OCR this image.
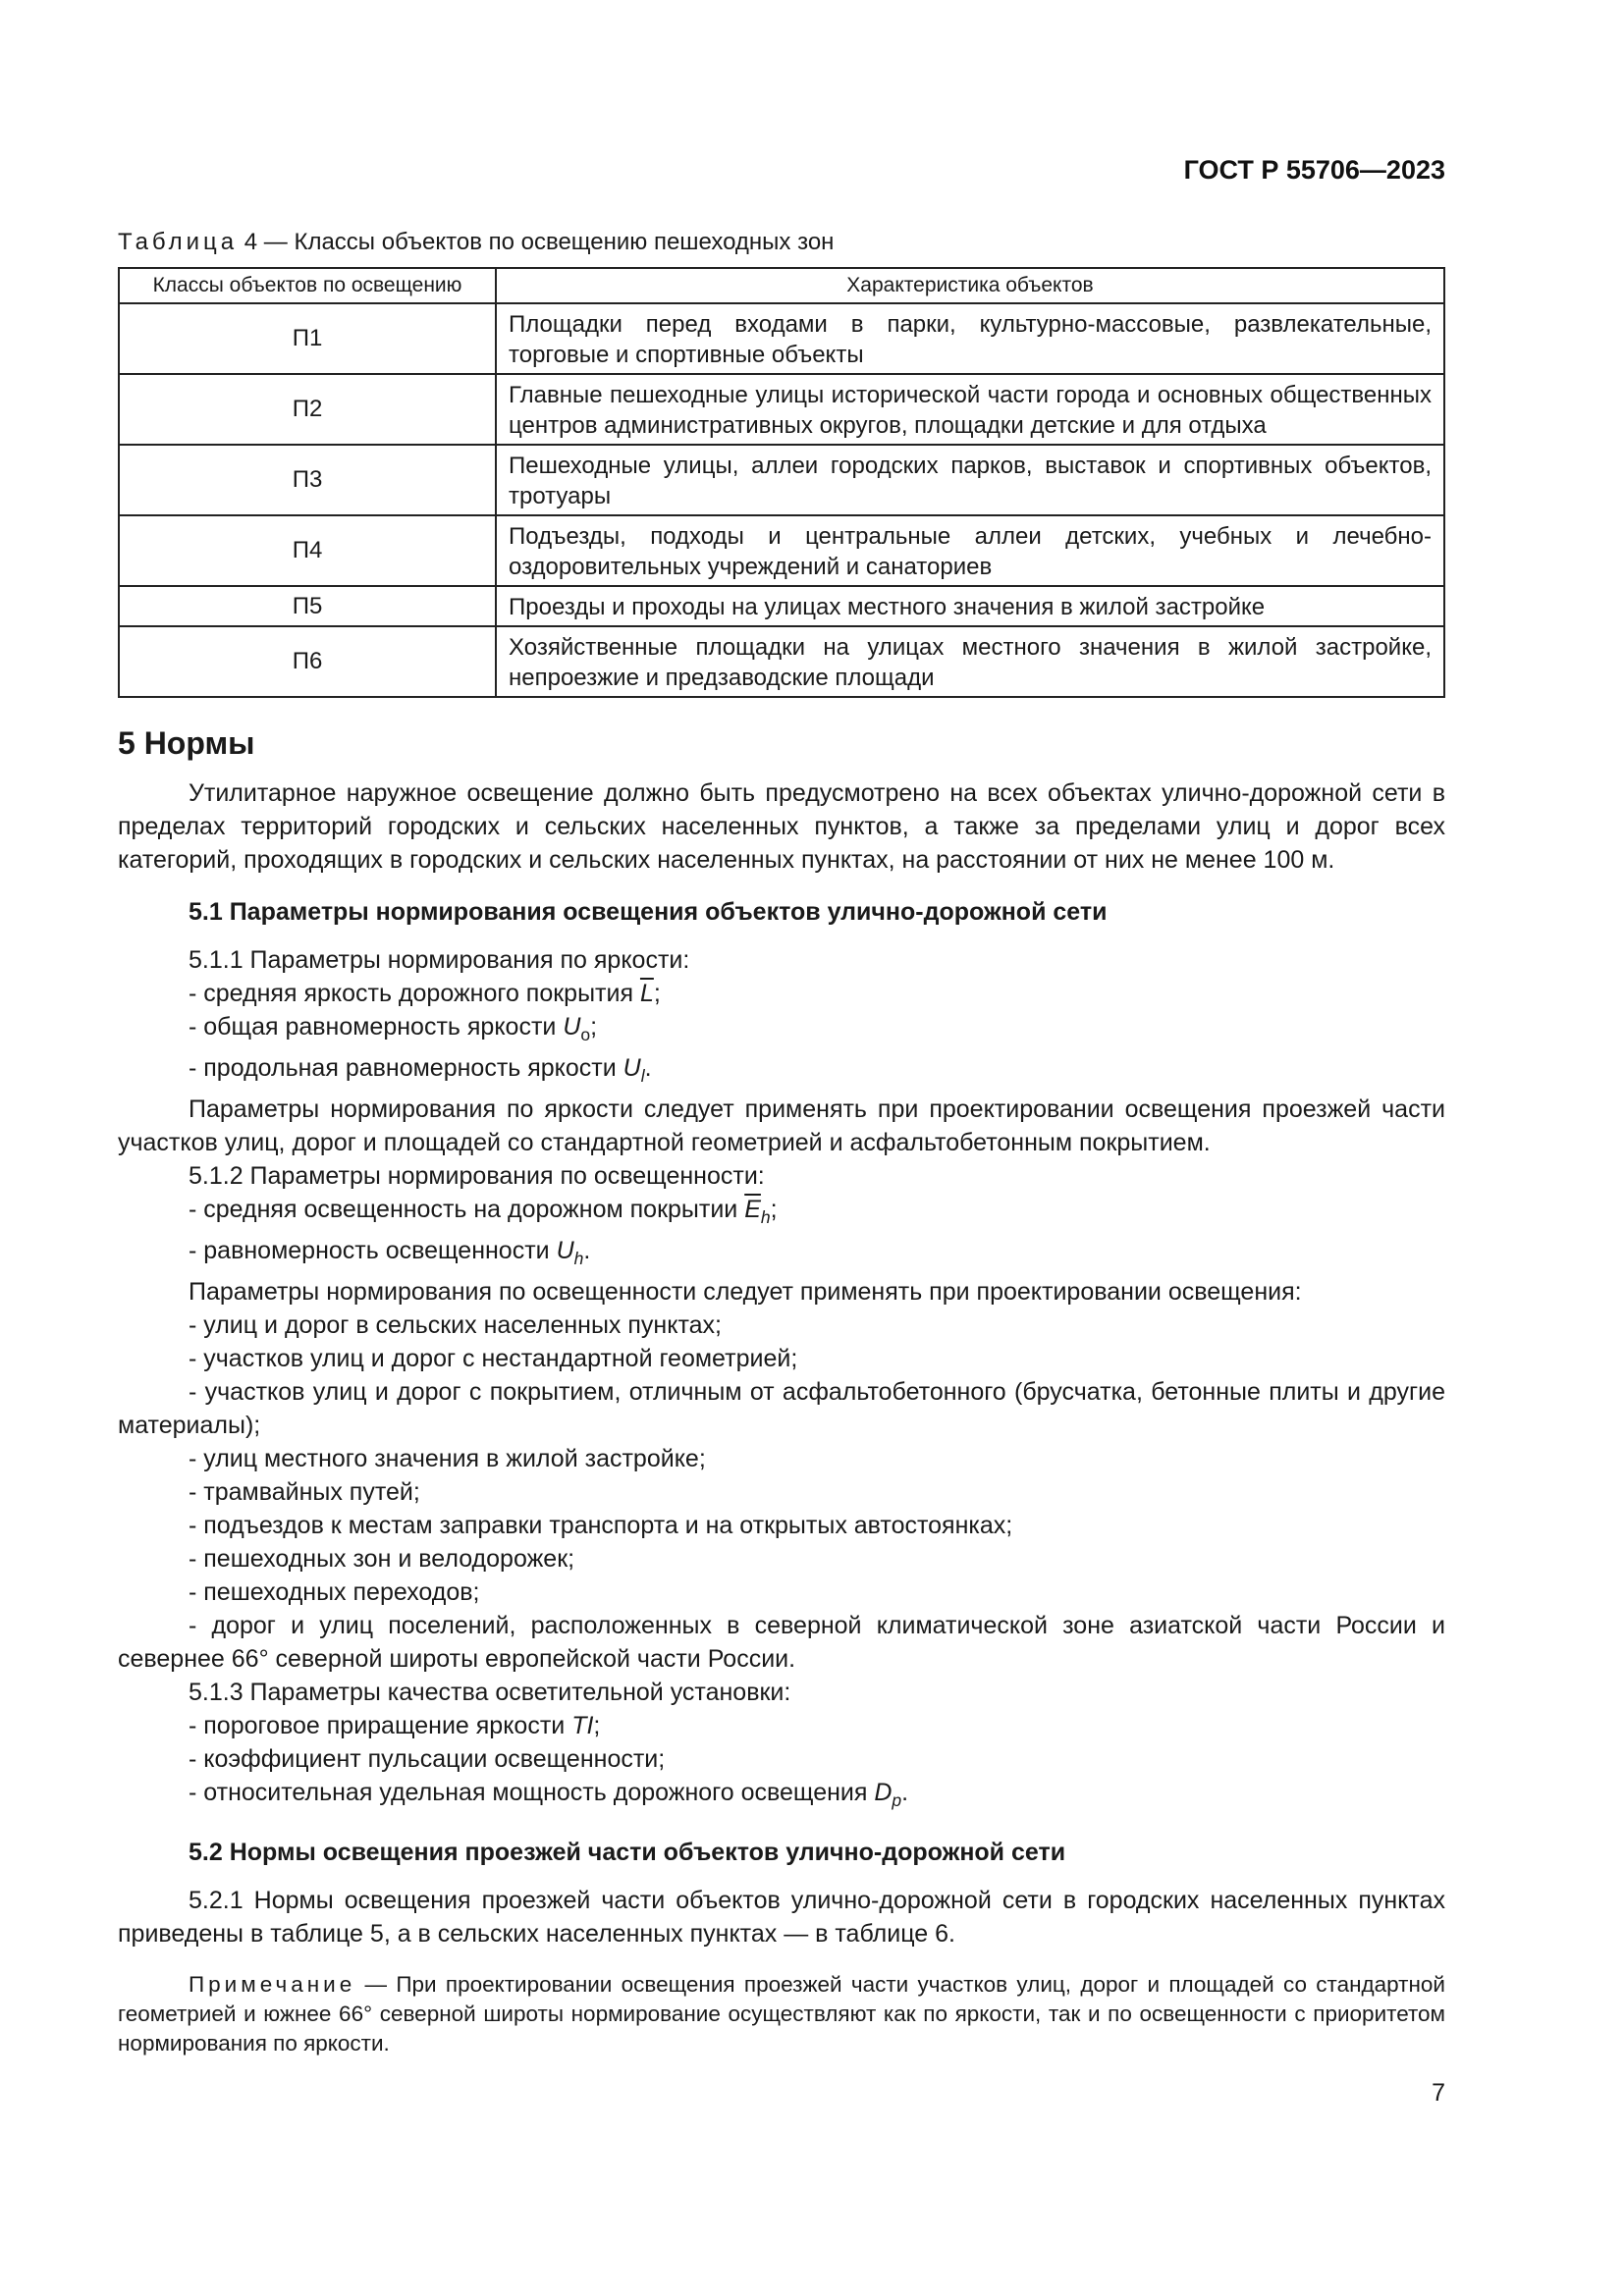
ГОСТ Р 55706—2023
Таблица 4 — Классы объектов по освещению пешеходных зон
Классы объектов по освещению	Характеристика объектов
П1	Площадки перед входами в парки, культурно-массовые, развлекательные, торговые и спортивные объекты
П2	Главные пешеходные улицы исторической части города и основных общественных центров административных округов, площадки детские и для отдыха
П3	Пешеходные улицы, аллеи городских парков, выставок и спортивных объектов, тротуары
П4	Подъезды, подходы и центральные аллеи детских, учебных и лечебно-оздоровительных учреждений и санаториев
П5	Проезды и проходы на улицах местного значения в жилой застройке
П6	Хозяйственные площадки на улицах местного значения в жилой застройке, непроезжие и предзаводские площади
5 Нормы

Утилитарное наружное освещение должно быть предусмотрено на всех объектах улично-дорожной сети в пределах территорий городских и сельских населенных пунктов, а также за пределами улиц и дорог всех категорий, проходящих в городских и сельских населенных пунктах, на расстоянии от них не менее 100 м.

5.1 Параметры нормирования освещения объектов улично-дорожной сети

5.1.1 Параметры нормирования по яркости:

- средняя яркость дорожного покрытия $\overline{L}$;

- общая равномерность яркости $U_o$;

- продольная равномерность яркости $U_l$.

Параметры нормирования по яркости следует применять при проектировании освещения проезжей части участков улиц, дорог и площадей со стандартной геометрией и асфальтобетонным покрытием.

5.1.2 Параметры нормирования по освещенности:

- средняя освещенность на дорожном покрытии $\overline{E}_h$;

- равномерность освещенности $U_h$.

Параметры нормирования по освещенности следует применять при проектировании освещения:

- улиц и дорог в сельских населенных пунктах;

- участков улиц и дорог с нестандартной геометрией;

- участков улиц и дорог с покрытием, отличным от асфальтобетонного (брусчатка, бетонные плиты и другие материалы);

- улиц местного значения в жилой застройке;

- трамвайных путей;

- подъездов к местам заправки транспорта и на открытых автостоянках;

- пешеходных зон и велодорожек;

- пешеходных переходов;

- дорог и улиц поселений, расположенных в северной климатической зоне азиатской части России и севернее 66° северной широты европейской части России.

5.1.3 Параметры качества осветительной установки:

- пороговое приращение яркости TI;

- коэффициент пульсации освещенности;

- относительная удельная мощность дорожного освещения $D_p$.

5.2 Нормы освещения проезжей части объектов улично-дорожной сети

5.2.1 Нормы освещения проезжей части объектов улично-дорожной сети в городских населенных пунктах приведены в таблице 5, а в сельских населенных пунктах — в таблице 6.

Примечание — При проектировании освещения проезжей части участков улиц, дорог и площадей со стандартной геометрией и южнее 66° северной широты нормирование осуществляют как по яркости, так и по освещенности с приоритетом нормирования по яркости.
7
